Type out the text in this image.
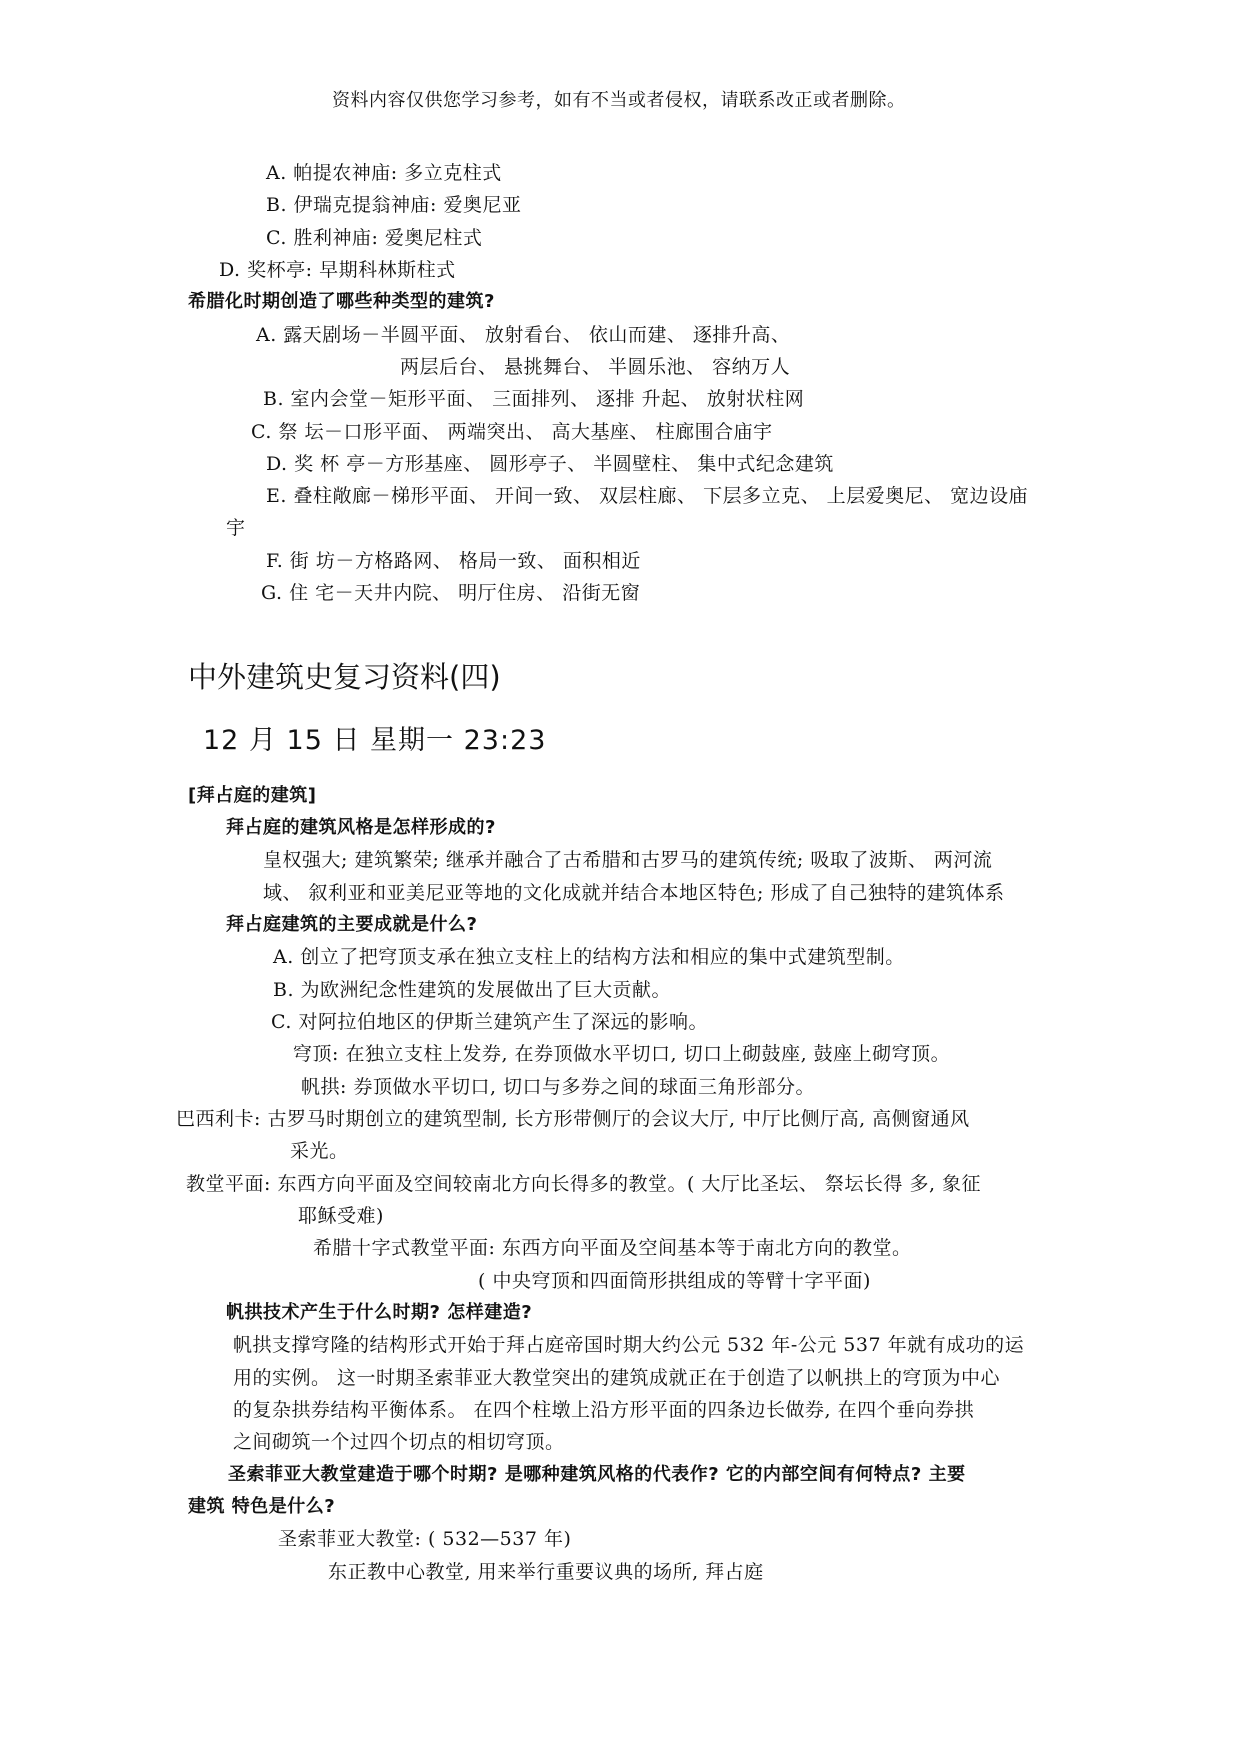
资料内容仅供您学习参考，如有不当或者侵权，请联系改正或者删除。
A. 帕提农神庙: 多立克柱式
B. 伊瑞克提翁神庙: 爱奥尼亚
C. 胜利神庙: 爱奥尼柱式
D. 奖杯亭: 早期科林斯柱式
希腊化时期创造了哪些种类型的建筑?
A. 露天剧场－半圆平面、 放射看台、 依山而建、 逐排升高、
两层后台、 悬挑舞台、 半圆乐池、 容纳万人
B. 室内会堂－矩形平面、 三面排列、 逐排 升起、 放射状柱网
C. 祭 坛－口形平面、 两端突出、 高大基座、 柱廊围合庙宇
D. 奖 杯 亭－方形基座、 圆形亭子、 半圆壁柱、 集中式纪念建筑
E. 叠柱敞廊－梯形平面、 开间一致、 双层柱廊、 下层多立克、 上层爱奥尼、 宽边设庙
宇
F. 街 坊－方格路网、 格局一致、 面积相近
G. 住 宅－天井内院、 明厅住房、 沿街无窗
中外建筑史复习资料(四)
12 月 15 日 星期一 23:23
[拜占庭的建筑]
拜占庭的建筑风格是怎样形成的?
皇权强大; 建筑繁荣; 继承并融合了古希腊和古罗马的建筑传统; 吸取了波斯、 两河流
域、 叙利亚和亚美尼亚等地的文化成就并结合本地区特色; 形成了自己独特的建筑体系
拜占庭建筑的主要成就是什么?
A. 创立了把穹顶支承在独立支柱上的结构方法和相应的集中式建筑型制。
B. 为欧洲纪念性建筑的发展做出了巨大贡献。
C. 对阿拉伯地区的伊斯兰建筑产生了深远的影响。
穹顶: 在独立支柱上发券, 在券顶做水平切口, 切口上砌鼓座, 鼓座上砌穹顶。
帆拱: 券顶做水平切口, 切口与多券之间的球面三角形部分。
巴西利卡: 古罗马时期创立的建筑型制, 长方形带侧厅的会议大厅, 中厅比侧厅高, 高侧窗通风
采光。
教堂平面: 东西方向平面及空间较南北方向长得多的教堂。( 大厅比圣坛、 祭坛长得 多, 象征
耶稣受难)
希腊十字式教堂平面: 东西方向平面及空间基本等于南北方向的教堂。
( 中央穹顶和四面筒形拱组成的等臂十字平面)
帆拱技术产生于什么时期? 怎样建造?
帆拱支撑穹隆的结构形式开始于拜占庭帝国时期大约公元 532 年-公元 537 年就有成功的运
用的实例。 这一时期圣索菲亚大教堂突出的建筑成就正在于创造了以帆拱上的穹顶为中心
的复杂拱券结构平衡体系。 在四个柱墩上沿方形平面的四条边长做券, 在四个垂向券拱
之间砌筑一个过四个切点的相切穹顶。
圣索菲亚大教堂建造于哪个时期? 是哪种建筑风格的代表作? 它的内部空间有何特点? 主要
建筑 特色是什么?
圣索菲亚大教堂: ( 532—537 年)
东正教中心教堂, 用来举行重要议典的场所, 拜占庭
